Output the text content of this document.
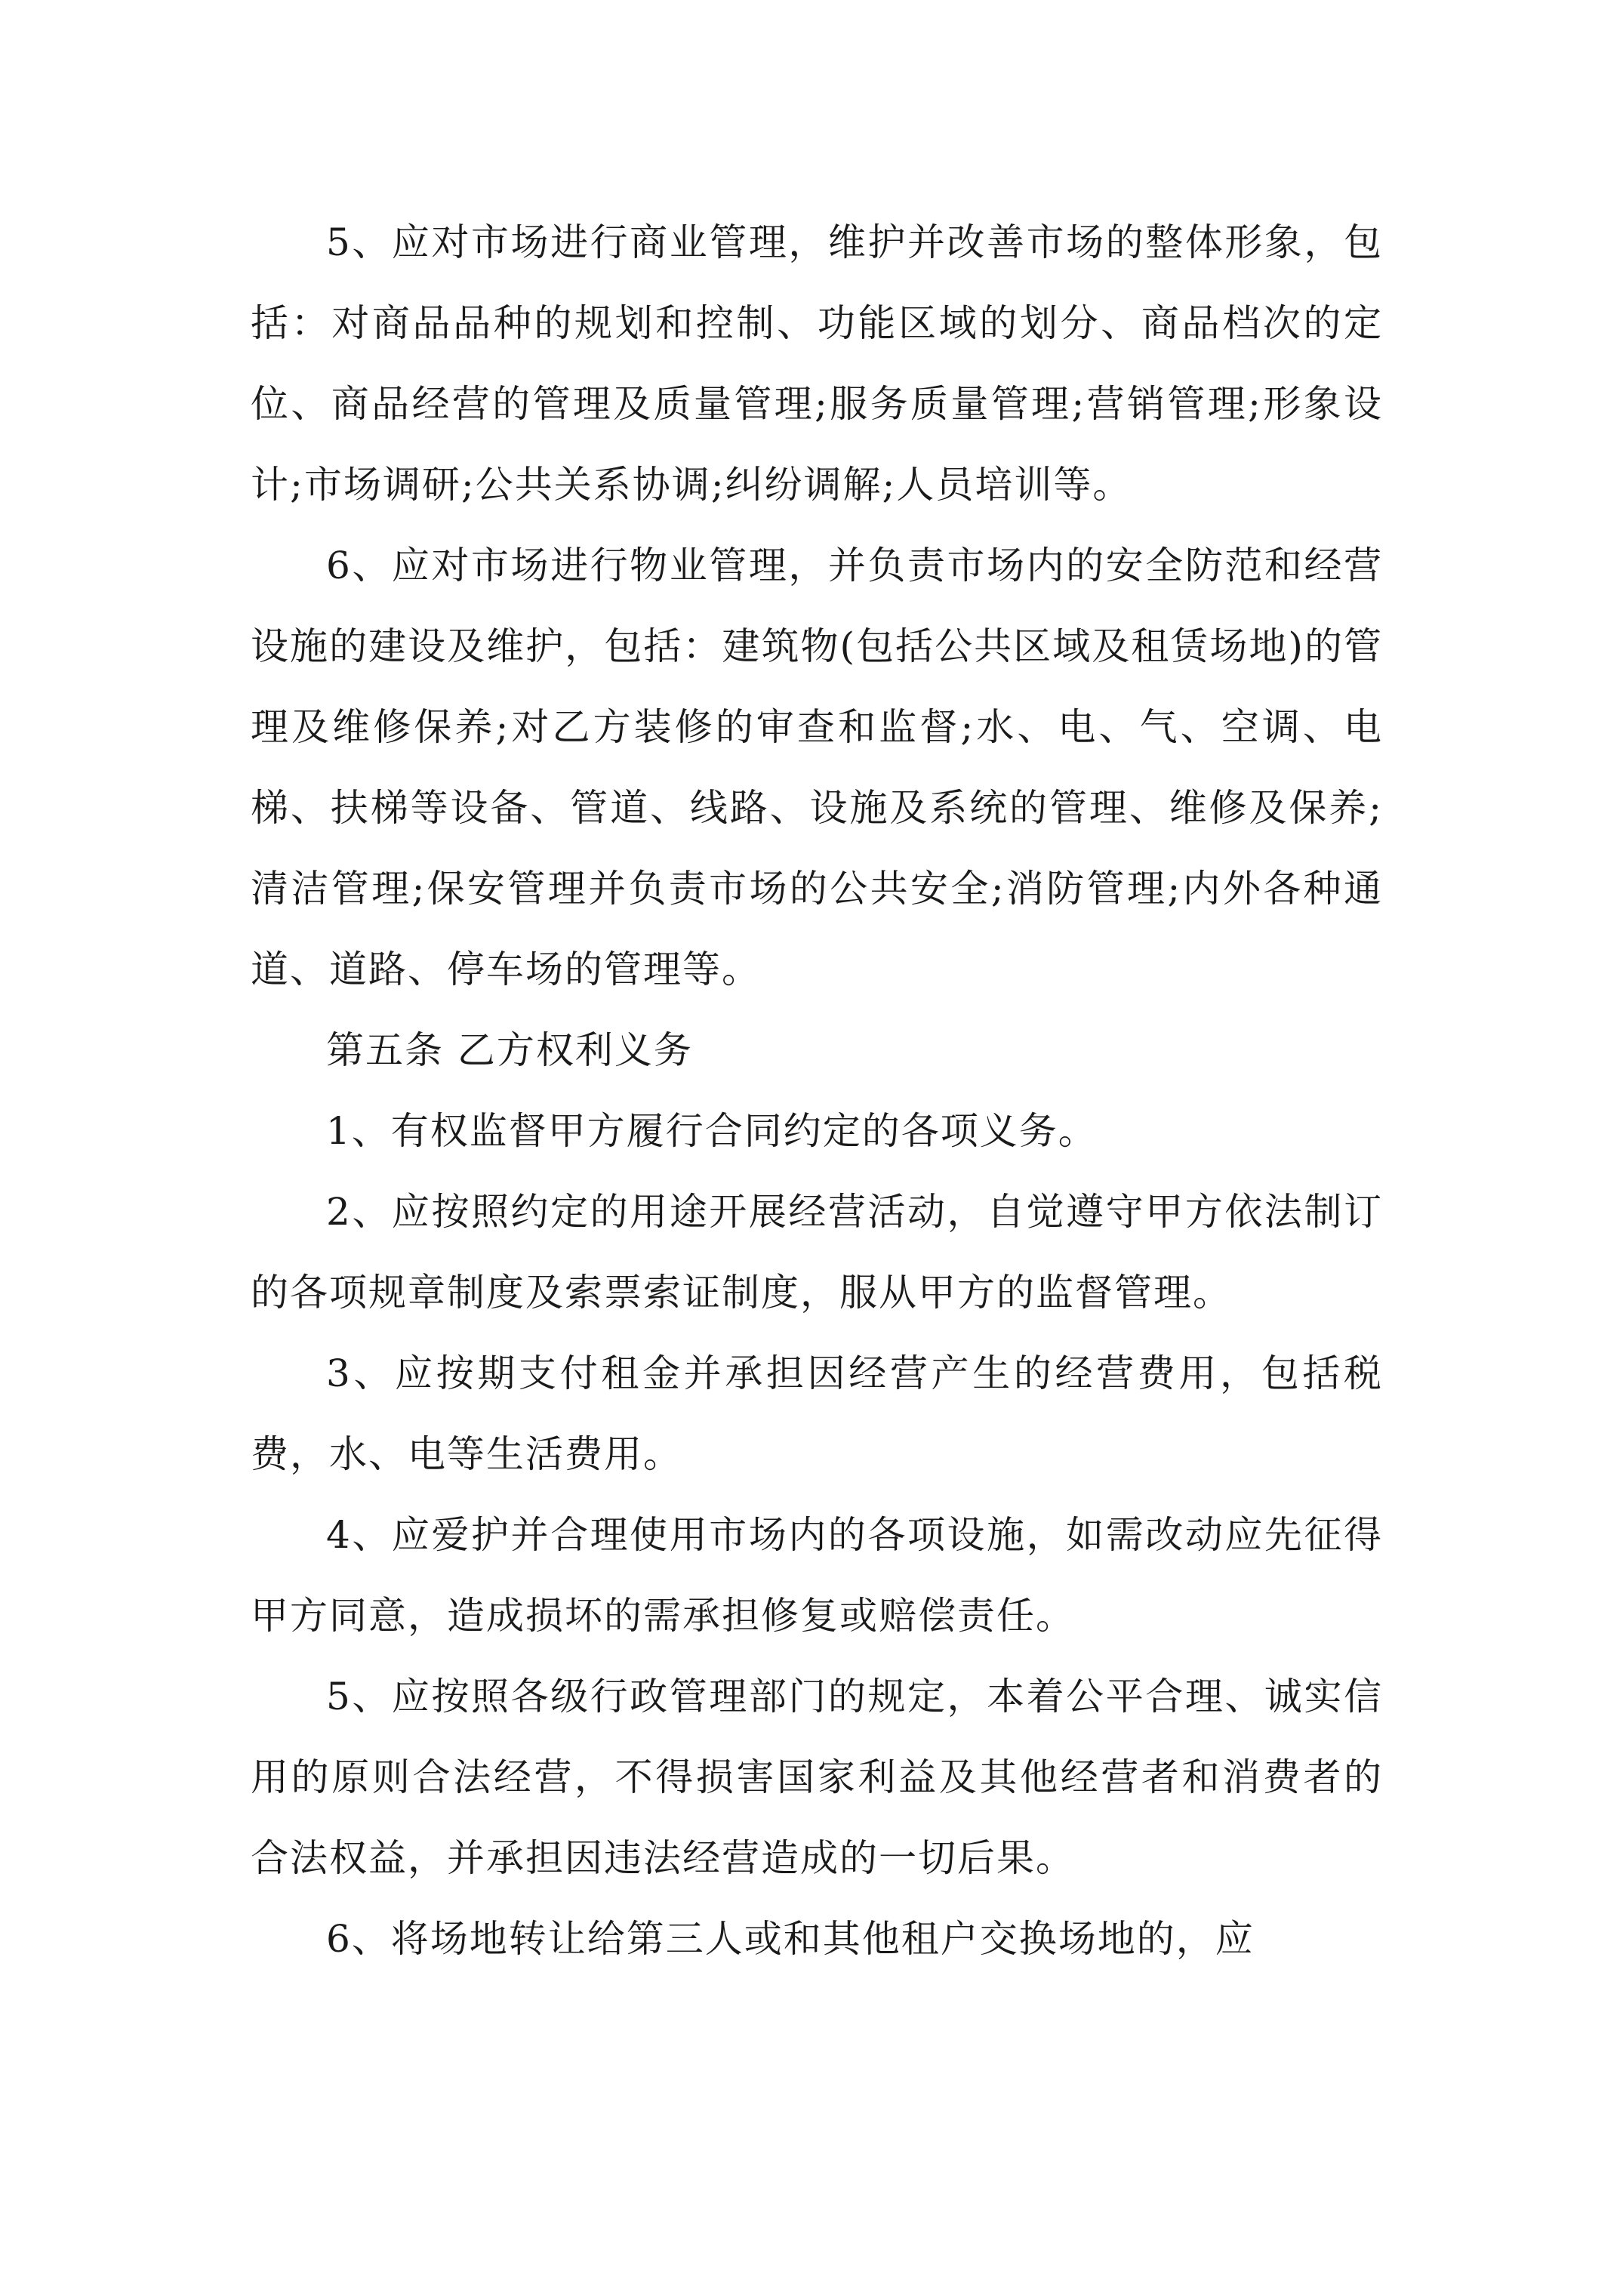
5、应对市场进行商业管理，维护并改善市场的整体形象，包括：对商品品种的规划和控制、功能区域的划分、商品档次的定位、商品经营的管理及质量管理;服务质量管理;营销管理;形象设计;市场调研;公共关系协调;纠纷调解;人员培训等。

6、应对市场进行物业管理，并负责市场内的安全防范和经营设施的建设及维护，包括：建筑物(包括公共区域及租赁场地)的管理及维修保养;对乙方装修的审查和监督;水、电、气、空调、电梯、扶梯等设备、管道、线路、设施及系统的管理、维修及保养;清洁管理;保安管理并负责市场的公共安全;消防管理;内外各种通道、道路、停车场的管理等。

第五条 乙方权利义务

1、有权监督甲方履行合同约定的各项义务。

2、应按照约定的用途开展经营活动，自觉遵守甲方依法制订的各项规章制度及索票索证制度，服从甲方的监督管理。

3、应按期支付租金并承担因经营产生的经营费用，包括税费，水、电等生活费用。

4、应爱护并合理使用市场内的各项设施，如需改动应先征得甲方同意，造成损坏的需承担修复或赔偿责任。

5、应按照各级行政管理部门的规定，本着公平合理、诚实信用的原则合法经营，不得损害国家利益及其他经营者和消费者的合法权益，并承担因违法经营造成的一切后果。

6、将场地转让给第三人或和其他租户交换场地的，应
